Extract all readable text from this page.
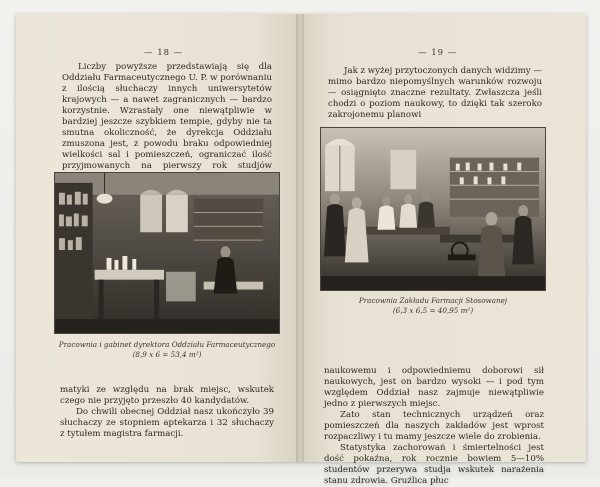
— 18 —

Liczby powyższe przedstawiają się dla Oddziału Farmaceutycznego U. P. w porównaniu z ilością słuchaczy innych uniwersytetów krajowych — a nawet zagranicznych — bardzo korzystnie. Wzrastały one niewątpliwie w bardziej jeszcze szybkiem tempie, gdyby nie ta smutna okoliczność, że dyrekcja Oddziału zmuszona jest, z powodu braku odpowiedniej wielkości sal i pomieszczeń, ograniczać ilość przyjmowanych na pierwszy rok studjów

Pracownia i gabinet dyrektora Oddziału Farmaceutycznego
(8,9 x 6 = 53,4 m²)

matyki ze względu na brak miejsc, wskutek czego nie przyjęto przeszło 40 kandydatów.

Do chwili obecnej Oddział nasz ukończyło 39 słuchaczy ze stopniem aptekarza i 32 słuchaczy z tytułem magistra farmacji.

— 19 —

Jak z wyżej przytoczonych danych widzimy — mimo bardzo niepomyślnych warunków rozwoju — osiągnięto znaczne rezultaty. Zwłaszcza jeśli chodzi o poziom naukowy, to dzięki tak szeroko zakrojonemu planowi

Pracownia Zakładu Farmacji Stosowanej
(6,3 x 6,5 = 40,95 m²)

naukowemu i odpowiedniemu doborowi sił naukowych, jest on bardzo wysoki — i pod tym względem Oddział nasz zajmuje niewątpliwie jedno z pierwszych miejsc.

Zato stan technicznych urządzeń oraz pomieszczeń dla naszych zakładów jest wprost rozpaczliwy i tu mamy jeszcze wiele do zrobienia.

Statystyka zachorowań i śmiertelności jest dość pokaźna, rok rocznie bowiem 5—10% studentów przerywa studja wskutek narażenia stanu zdrowia. Gruźlica płuc
